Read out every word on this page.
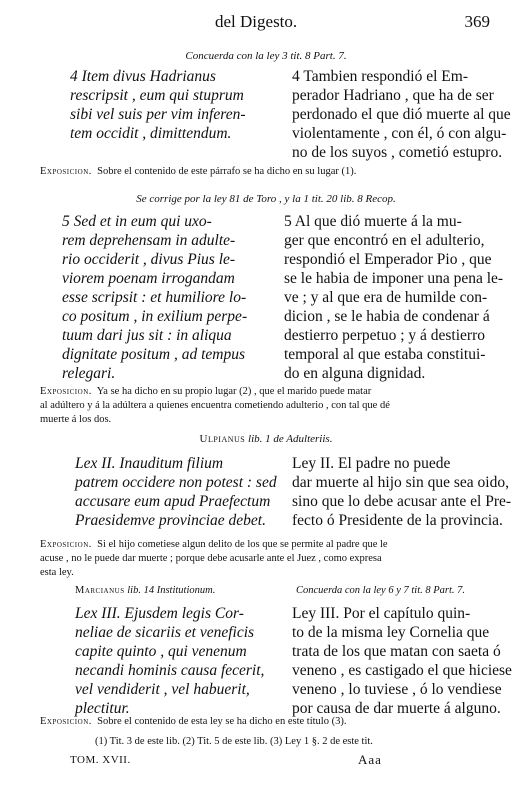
del Digesto.	369

Concuerda con la ley 3 tit. 8 Part. 7.

4 Item divus Hadrianus
rescripsit , eum qui stuprum
sibi vel suis per vim inferen-
tem occidit , dimittendum.
4 Tambien respondió el Em-
perador Hadriano , que ha de ser
perdonado el que dió muerte al que
violentamente , con él, ó con algu-
no de los suyos , cometió estupro.

Exposicion. Sobre el contenido de este párrafo se ha dicho en su lugar (1).

Se corrige por la ley 81 de Toro , y la 1 tit. 20 lib. 8 Recop.

5 Sed et in eum qui uxo-
rem deprehensam in adulte-
rio occiderit , divus Pius le-
viorem poenam irrogandam
esse scripsit : et humiliore lo-
co positum , in exilium perpe-
tuum dari jus sit : in aliqua
dignitate positum , ad tempus
relegari.
5 Al que dió muerte á la mu-
ger que encontró en el adulterio,
respondió el Emperador Pio , que
se le habia de imponer una pena le-
ve ; y al que era de humilde con-
dicion , se le habia de condenar á
destierro perpetuo ; y á destierro
temporal al que estaba constitui-
do en alguna dignidad.

Exposicion. Ya se ha dicho en su propio lugar (2) , que el marido puede matar
al adúltero y á la adúltera a quienes encuentra cometiendo adulterio , con tal que dé
muerte á los dos.

Ulpianus lib. 1 de Adulteriis.

Lex II. Inauditum filium
patrem occidere non potest : sed
accusare eum apud Praefectum
Praesidemve provinciae debet.
Ley II. El padre no puede
dar muerte al hijo sin que sea oido,
sino que lo debe acusar ante el Pre-
fecto ó Presidente de la provincia.

Exposicion. Si el hijo cometiese algun delito de los que se permite al padre que le
acuse , no le puede dar muerte ; porque debe acusarle ante el Juez , como expresa
esta ley.

Marcianus lib. 14 Institutionum.	Concuerda con la ley 6 y 7 tit. 8 Part. 7.

Lex III. Ejusdem legis Cor-
neliae de sicariis et veneficis
capite quinto , qui venenum
necandi hominis causa fecerit,
vel vendiderit , vel habuerit,
plectitur.
Ley III. Por el capítulo quin-
to de la misma ley Cornelia que
trata de los que matan con saeta ó
veneno , es castigado el que hiciese
veneno , lo tuviese , ó lo vendiese
por causa de dar muerte á alguno.

Exposicion. Sobre el contenido de esta ley se ha dicho en este título (3).

(1) Tit. 3 de este lib. (2) Tit. 5 de este lib. (3) Ley 1 §. 2 de este tit.

TOM. XVII.	Aaa
